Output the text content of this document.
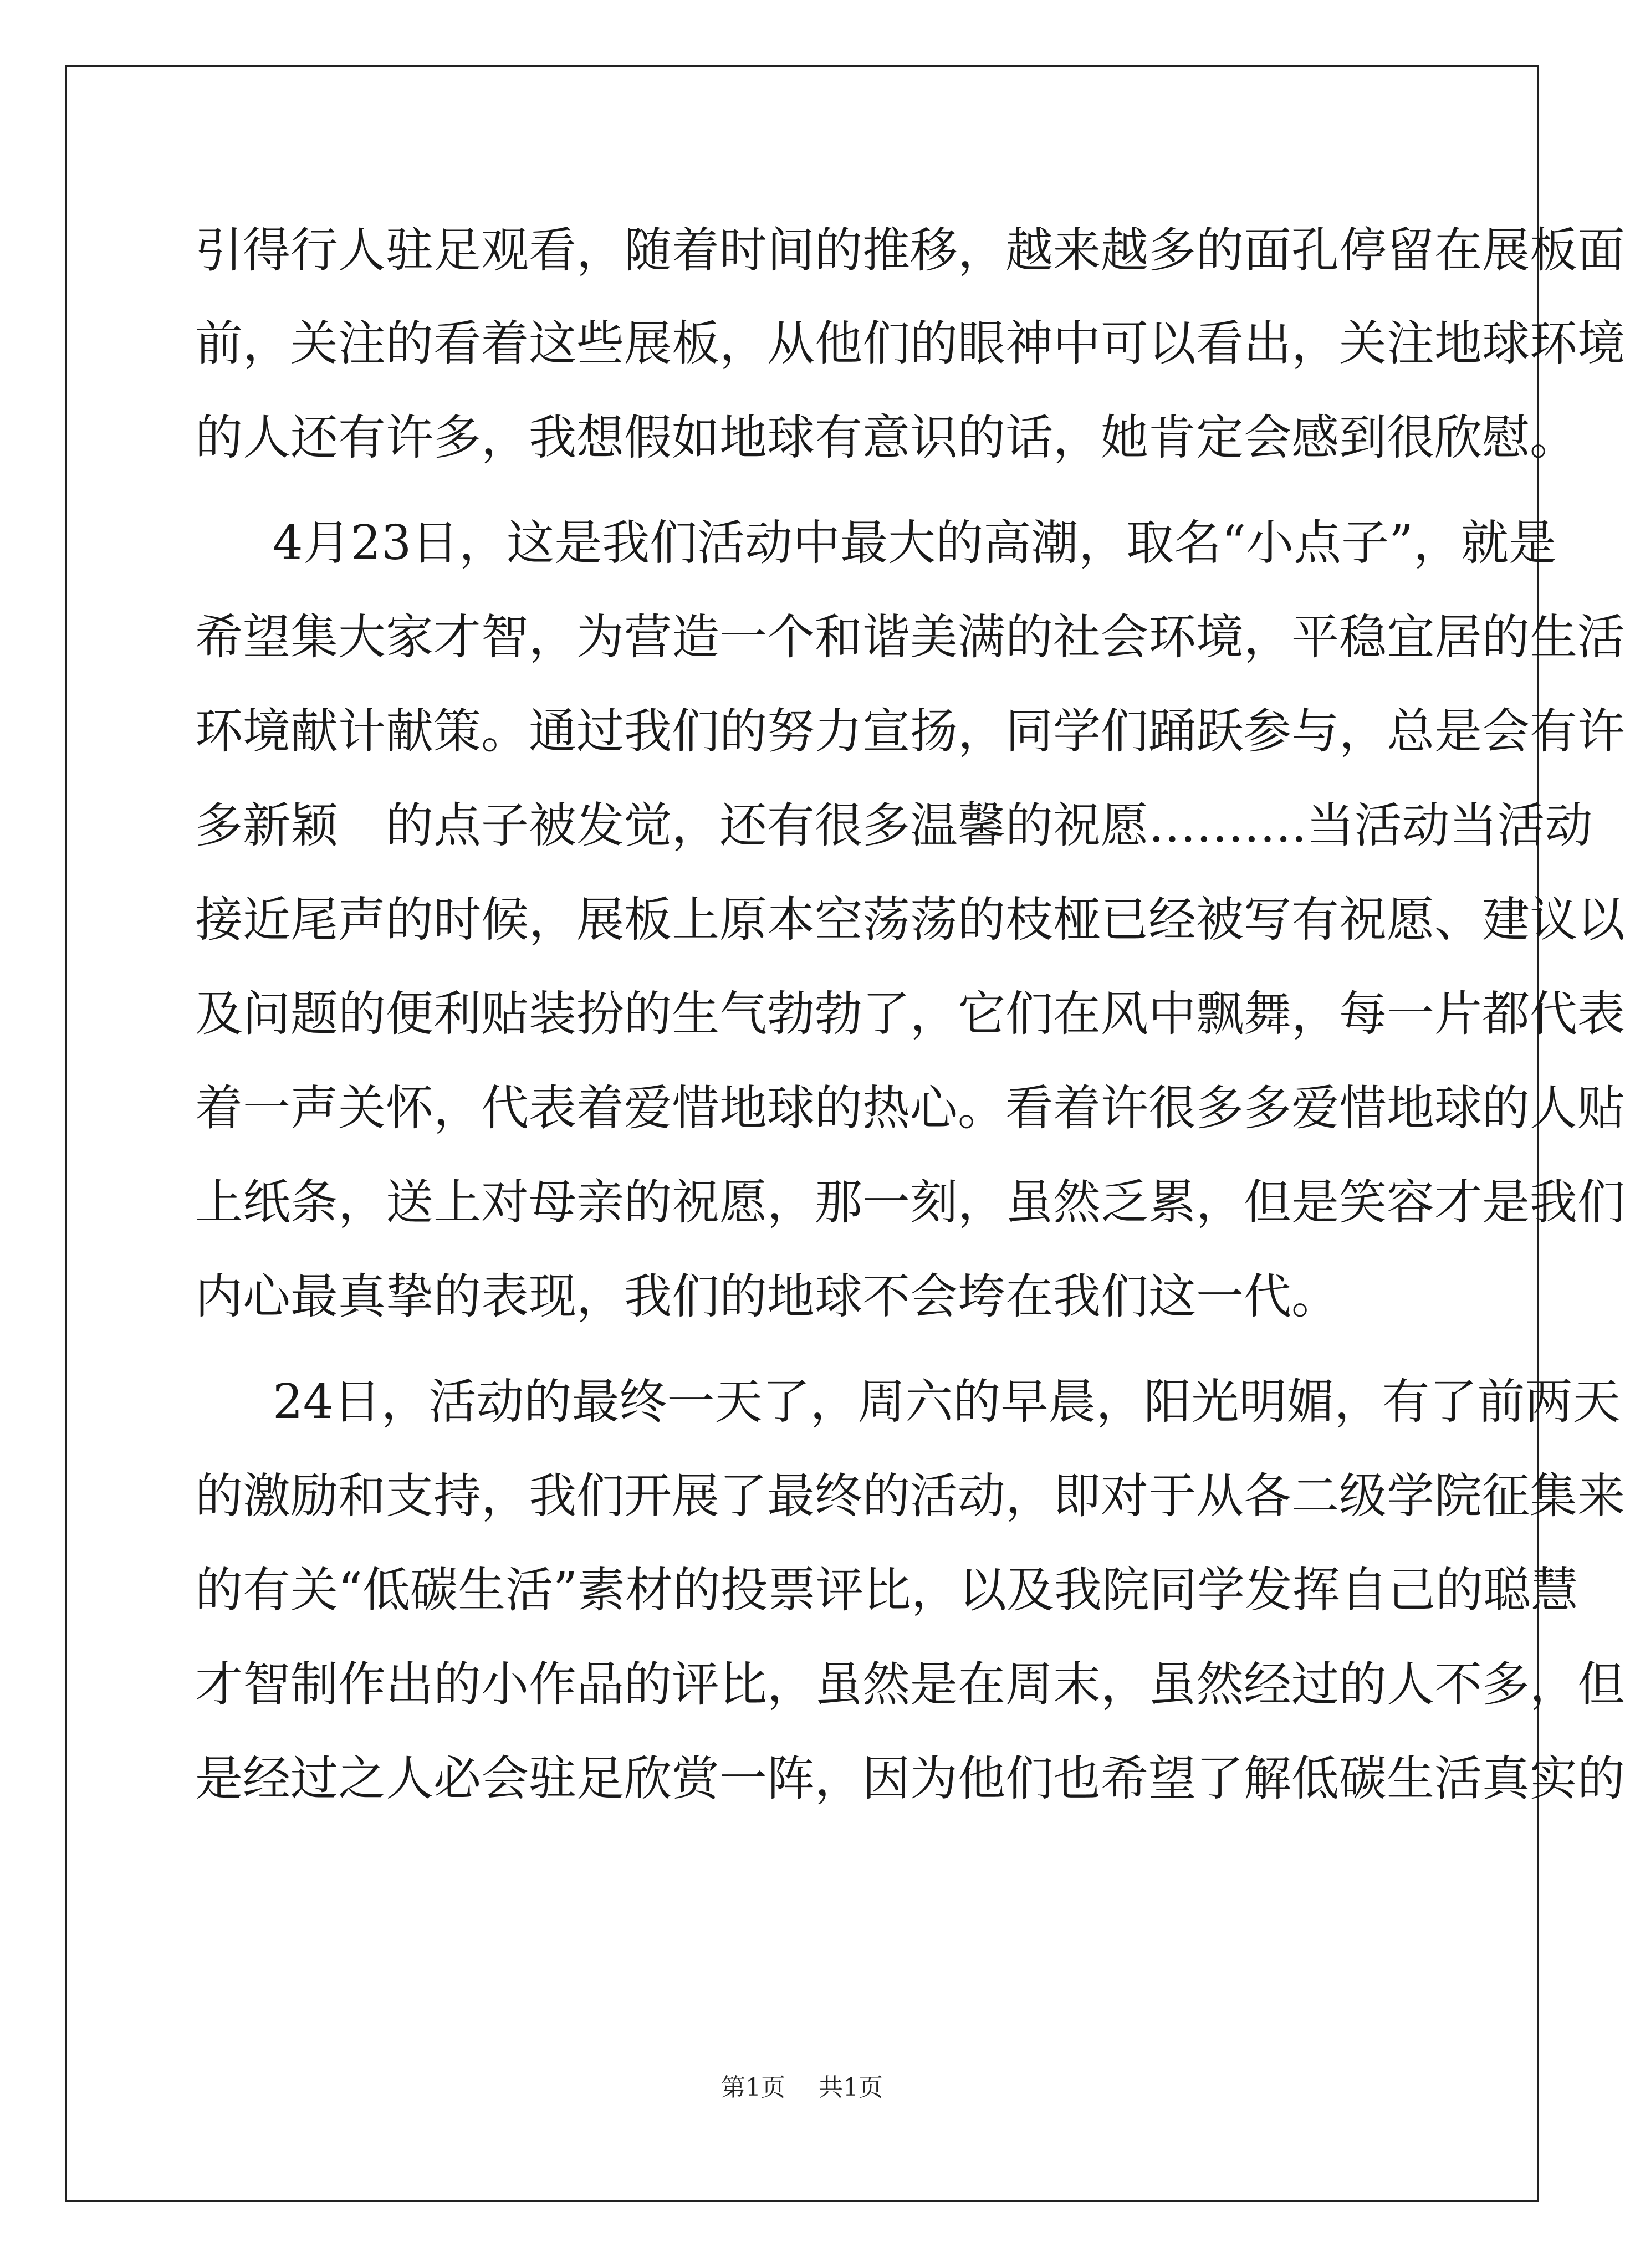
引 得 行 人 驻 足 观 看 ， 随 着 时 间 的 推 移 ， 越 来 越 多 的 面 孔 停 留 在 展 板 面
前 ， 关 注 的 看 着 这 些 展 板 ， 从 他 们 的 眼 神 中 可 以 看 出 ， 关 注 地 球 环 境
的人还有许多，我想假如地球有意识的话，她肯定会感到很欣慰。
4 月 2 3 日 ， 这 是 我 们 活 动 中 最 大 的 高 潮 ， 取 名 “ 小 点 子 ” ， 就 是
希 望 集 大 家 才 智 ， 为 营 造 一 个 和 谐 美 满 的 社 会 环 境 ， 平 稳 宜 居 的 生 活
环 境 献 计 献 策 。 通 过 我 们 的 努 力 宣 扬 ， 同 学 们 踊 跃 参 与 ， 总 是 会 有 许
多 新 颖
　 的 点 子 被 发 觉 ， 还 有 很 多 温 馨 的 祝 愿 … … … . 当 活 动 当 活 动
接 近 尾 声 的 时 候 ， 展 板 上 原 本 空 荡 荡 的 枝 桠 已 经 被 写 有 祝 愿 、 建 议 以
及 问 题 的 便 利 贴 装 扮 的 生 气 勃 勃 了 ， 它 们 在 风 中 飘 舞 ， 每 一 片 都 代 表
着 一 声 关 怀 ， 代 表 着 爱 惜 地 球 的 热 心 。 看 着 许 很 多 多 爱 惜 地 球 的 人 贴
上 纸 条 ， 送 上 对 母 亲 的 祝 愿 ， 那 一 刻 ， 虽 然 乏 累 ， 但 是 笑 容 才 是 我 们
内心最真挚的表现，我们的地球不会垮在我们这一代。
2 4 日 ， 活 动 的 最 终 一 天 了 ， 周 六 的 早 晨 ， 阳 光 明 媚 ， 有 了 前 两 天
的 激 励 和 支 持 ， 我 们 开 展 了 最 终 的 活 动 ， 即 对 于 从 各 二 级 学 院 征 集 来
的 有 关 “ 低 碳 生 活 ” 素 材 的 投 票 评 比 ， 以 及 我 院 同 学 发 挥 自 己 的 聪 慧
才 智 制 作 出 的 小 作 品 的 评 比 ， 虽 然 是 在 周 末 ， 虽 然 经 过 的 人 不 多 ， 但
是 经 过 之 人 必 会 驻 足 欣 赏 一 阵 ， 因 为 他 们 也 希 望 了 解 低 碳 生 活 真 实 的
第1页 共1页
